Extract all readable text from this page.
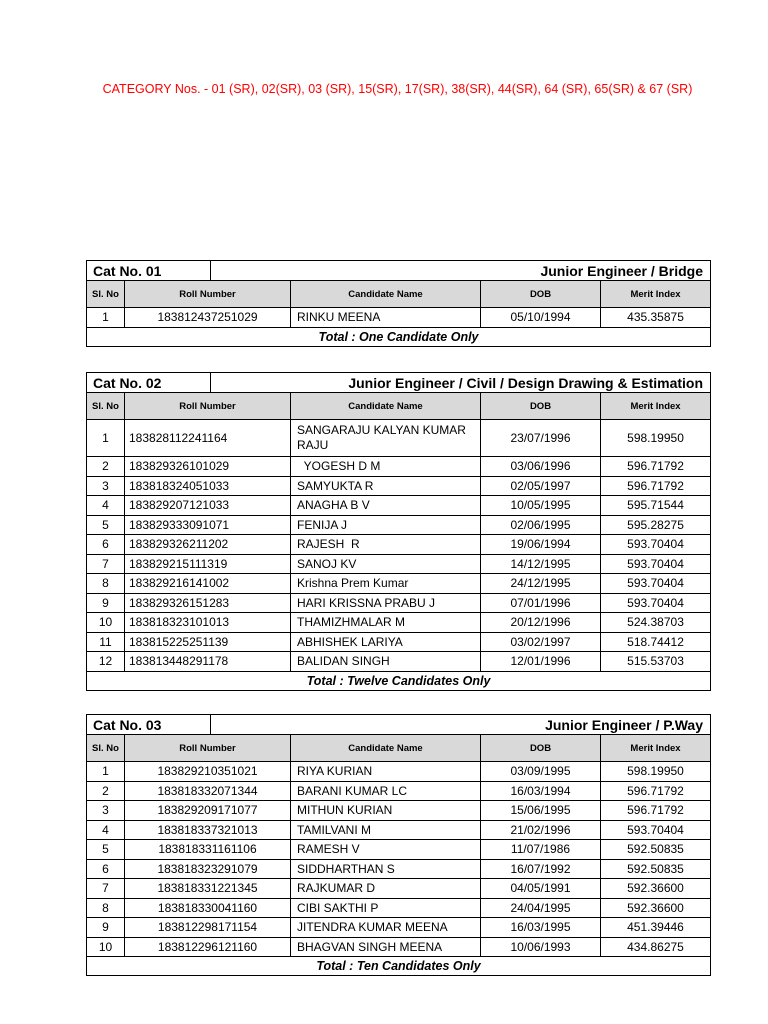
CATEGORY Nos. - 01 (SR), 02(SR), 03 (SR), 15(SR), 17(SR), 38(SR), 44(SR), 64 (SR), 65(SR) & 67 (SR)
Cat No. 01		Junior Engineer / Bridge			
Sl. No	Roll Number		Candidate Name	DOB	Merit Index
1	183812437251029		RINKU MEENA	05/10/1994	435.35875
Total : One Candidate Only					
Cat No. 02		Junior Engineer / Civil / Design Drawing & Estimation			
Sl. No	Roll Number		Candidate Name	DOB	Merit Index
1	183828112241164		SANGARAJU KALYAN KUMAR RAJU	23/07/1996	598.19950
2	183829326101029		YOGESH D M	03/06/1996	596.71792
3	183818324051033		SAMYUKTA R	02/05/1997	596.71792
4	183829207121033		ANAGHA B V	10/05/1995	595.71544
5	183829333091071		FENIJA J	02/06/1995	595.28275
6	183829326211202		RAJESH  R	19/06/1994	593.70404
7	183829215111319		SANOJ KV	14/12/1995	593.70404
8	183829216141002		Krishna Prem Kumar	24/12/1995	593.70404
9	183829326151283		HARI KRISSNA PRABU J	07/01/1996	593.70404
10	183818323101013		THAMIZHMALAR M	20/12/1996	524.38703
11	183815225251139		ABHISHEK LARIYA	03/02/1997	518.74412
12	183813448291178		BALIDAN SINGH	12/01/1996	515.53703
Total : Twelve Candidates Only					
Cat No. 03		Junior Engineer / P.Way			
Sl. No	Roll Number		Candidate Name	DOB	Merit Index
1	183829210351021		RIYA KURIAN	03/09/1995	598.19950
2	183818332071344		BARANI KUMAR LC	16/03/1994	596.71792
3	183829209171077		MITHUN KURIAN	15/06/1995	596.71792
4	183818337321013		TAMILVANI M	21/02/1996	593.70404
5	183818331161106		RAMESH V	11/07/1986	592.50835
6	183818323291079		SIDDHARTHAN S	16/07/1992	592.50835
7	183818331221345		RAJKUMAR D	04/05/1991	592.36600
8	183818330041160		CIBI SAKTHI P	24/04/1995	592.36600
9	183812298171154		JITENDRA KUMAR MEENA	16/03/1995	451.39446
10	183812296121160		BHAGVAN SINGH MEENA	10/06/1993	434.86275
Total : Ten Candidates Only					
